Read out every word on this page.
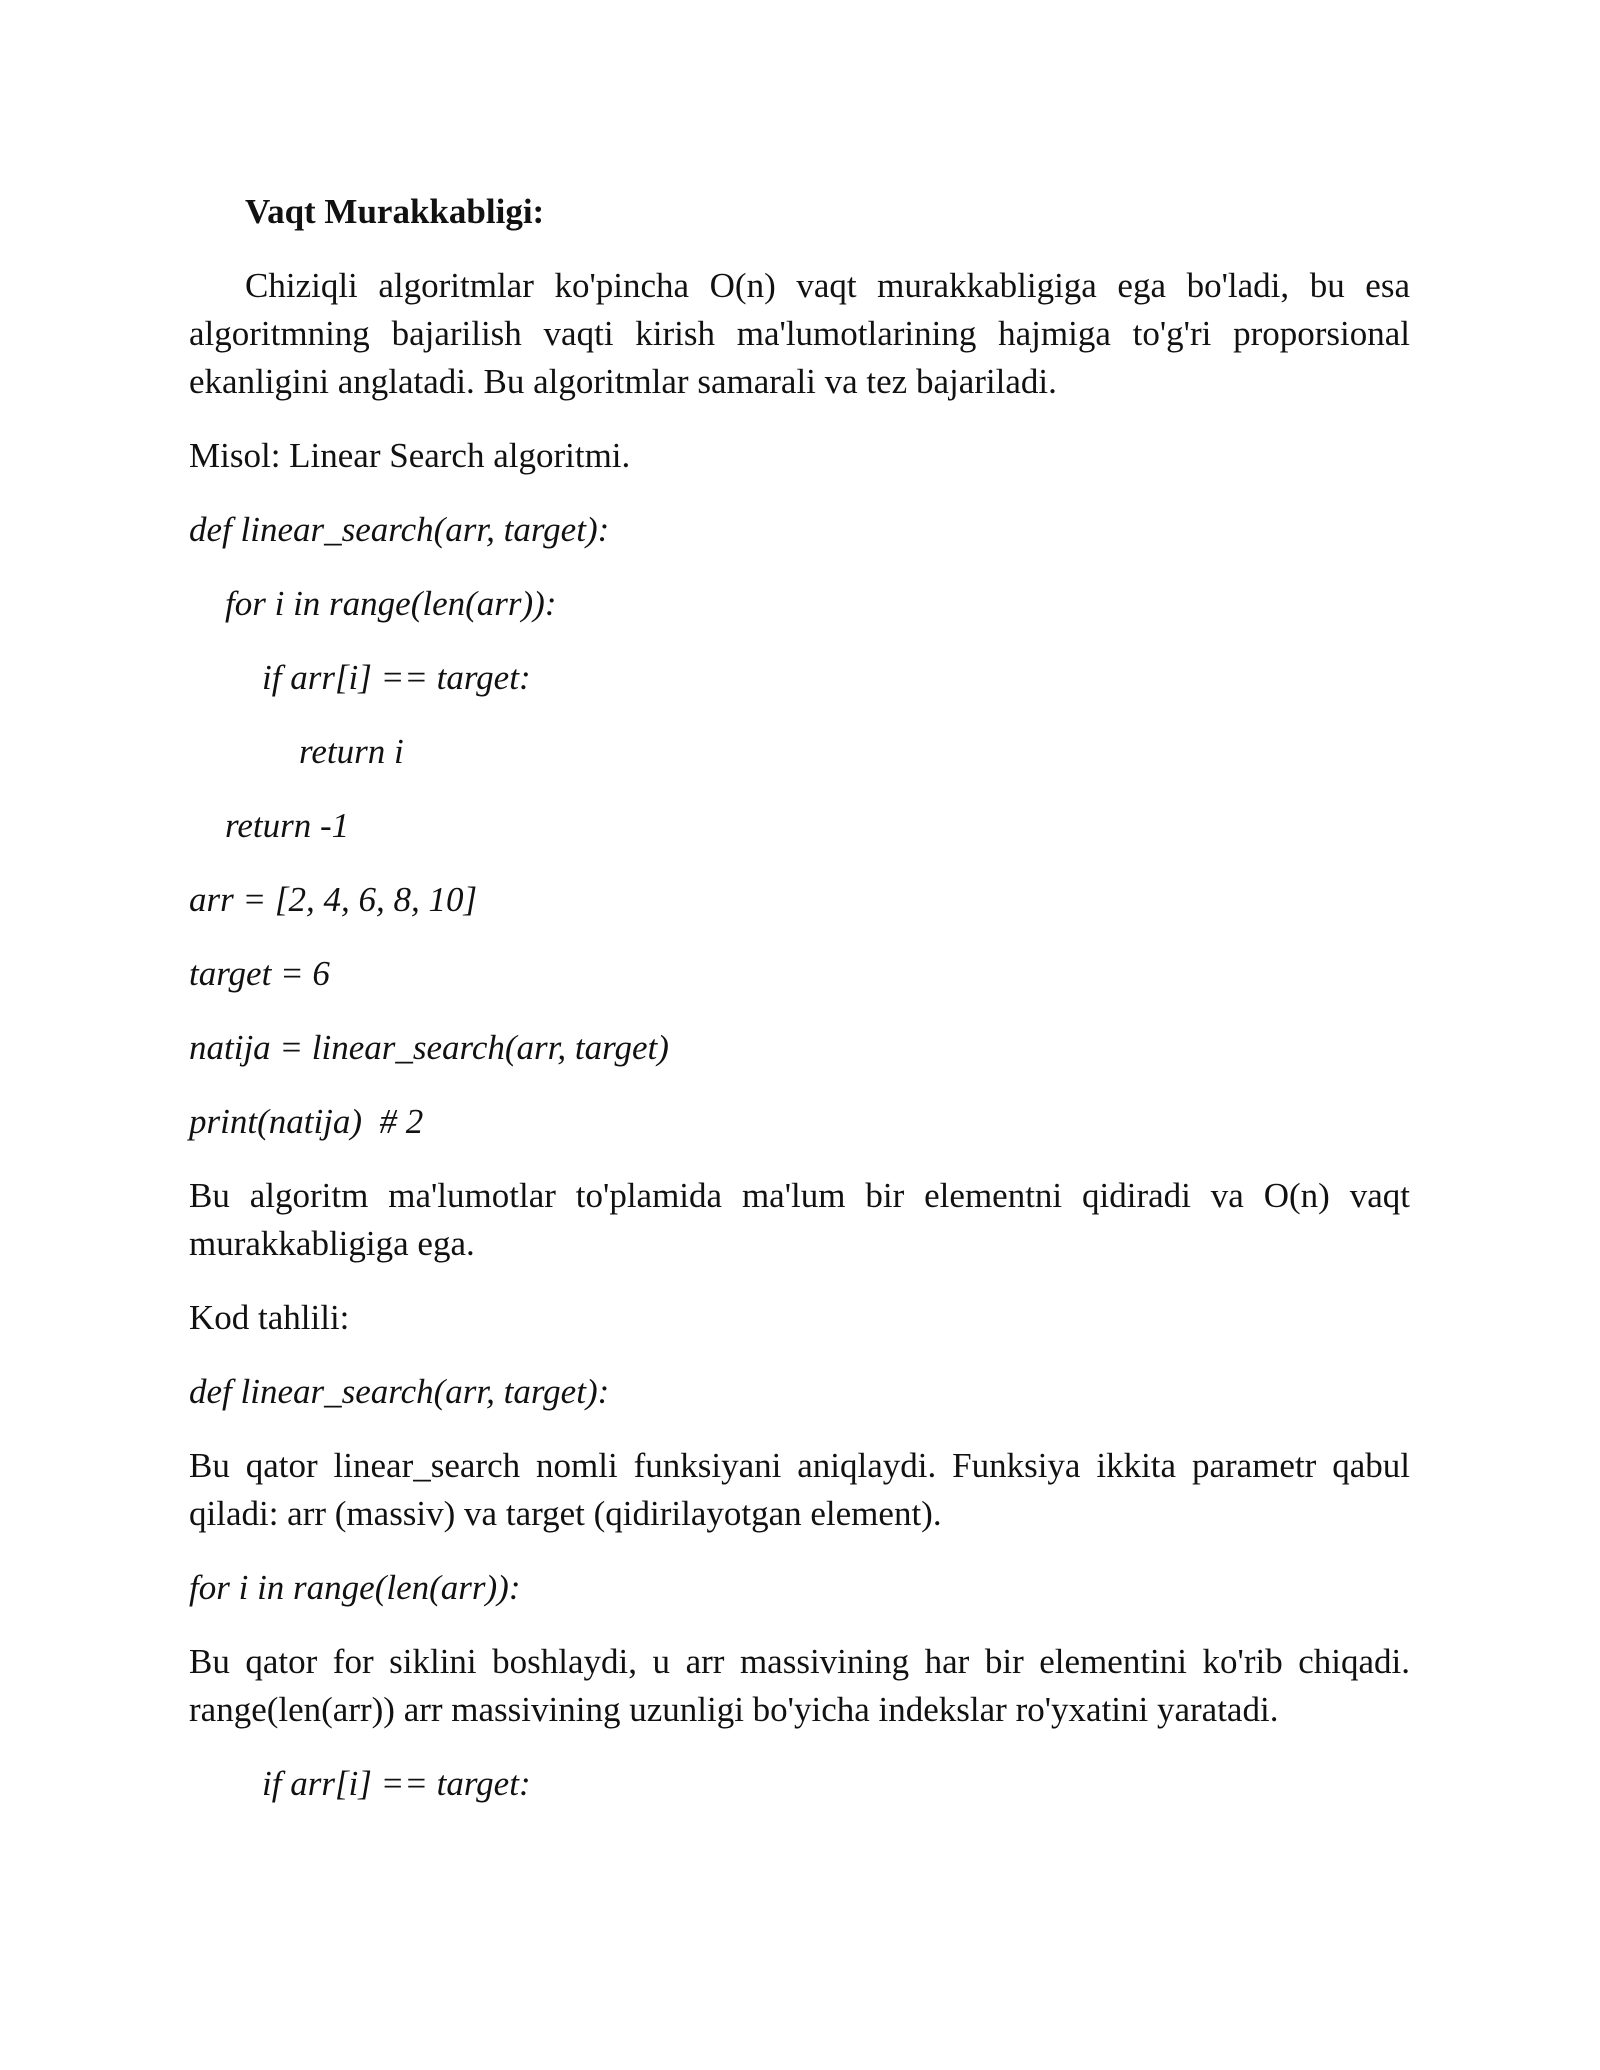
Vaqt Murakkabligi:

Chiziqli algoritmlar ko'pincha O(n) vaqt murakkabligiga ega bo'ladi, bu esa algoritmning bajarilish vaqti kirish ma'lumotlarining hajmiga to'g'ri proporsional ekanligini anglatadi. Bu algoritmlar samarali va tez bajariladi.

Misol: Linear Search algoritmi.

def linear_search(arr, target):
for i in range(len(arr)):
if arr[i] == target:
return i
return -1
arr = [2, 4, 6, 8, 10]
target = 6
natija = linear_search(arr, target)
print(natija)  # 2

Bu algoritm ma'lumotlar to'plamida ma'lum bir elementni qidiradi va O(n) vaqt murakkabligiga ega.

Kod tahlili:

def linear_search(arr, target):

Bu qator linear_search nomli funksiyani aniqlaydi. Funksiya ikkita parametr qabul qiladi: arr (massiv) va target (qidirilayotgan element).

for i in range(len(arr)):

Bu qator for siklini boshlaydi, u arr massivining har bir elementini ko'rib chiqadi. range(len(arr)) arr massivining uzunligi bo'yicha indekslar ro'yxatini yaratadi.

if arr[i] == target:
